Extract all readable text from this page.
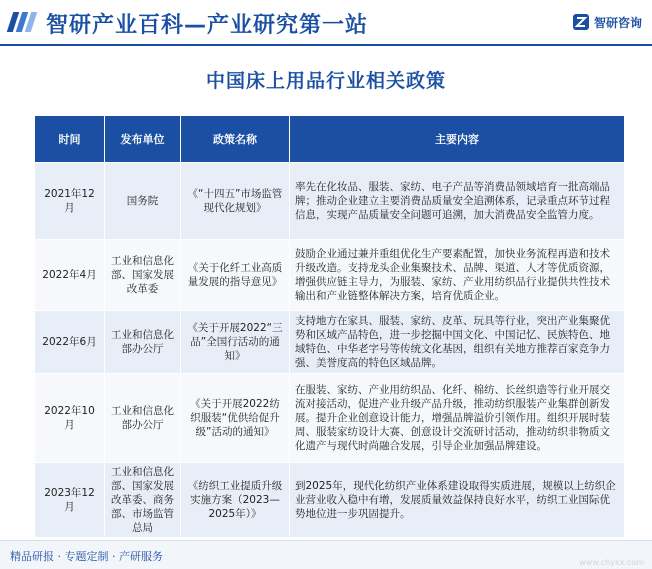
智研产业百科—产业研究第一站	智研咨询
中国床上用品行业相关政策
时间	发布单位	政策名称	主要内容
2021年12月	国务院	《“十四五”市场监管现代化规划》	率先在化妆品、服装、家纺、电子产品等消费品领域培育一批高端品牌；推动企业建立主要消费品质量安全追溯体系，记录重点环节过程信息，实现产品质量安全问题可追溯，加大消费品安全监管力度。
2022年4月	工业和信息化部、国家发展改革委	《关于化纤工业高质量发展的指导意见》	鼓励企业通过兼并重组优化生产要素配置，加快业务流程再造和技术升级改造。支持龙头企业集聚技术、品牌、渠道、人才等优质资源，增强供应链主导力，为服装、家纺、产业用纺织品行业提供共性技术输出和产业链整体解决方案，培育优质企业。
2022年6月	工业和信息化部办公厅	《关于开展2022“三品”全国行活动的通知》	支持地方在家具、服装、家纺、皮革、玩具等行业，突出产业集聚优势和区域产品特色，进一步挖掘中国文化、中国记忆、民族特色、地域特色、中华老字号等传统文化基因，组织有关地方推荐百家竞争力强、美誉度高的特色区域品牌。
2022年10月	工业和信息化部办公厅	《关于开展2022纺织服装“优供给促升级”活动的通知》	在服装、家纺、产业用纺织品、化纤、棉纺、长丝织造等行业开展交流对接活动，促进产业升级产品升级，推动纺织服装产业集群创新发展。提升企业创意设计能力，增强品牌溢价引领作用。组织开展时装周、服装家纺设计大赛、创意设计交流研讨活动，推动纺织非物质文化遗产与现代时尚融合发展，引导企业加强品牌建设。
2023年12月	工业和信息化部、国家发展改革委、商务部、市场监管总局	《纺织工业提质升级实施方案（2023—2025年）》	到2025年，现代化纺织产业体系建设取得实质进展，规模以上纺织企业营业收入稳中有增，发展质量效益保持良好水平，纺织工业国际优势地位进一步巩固提升。
精品研报 · 专题定制 · 产研服务	www.chyxx.com
